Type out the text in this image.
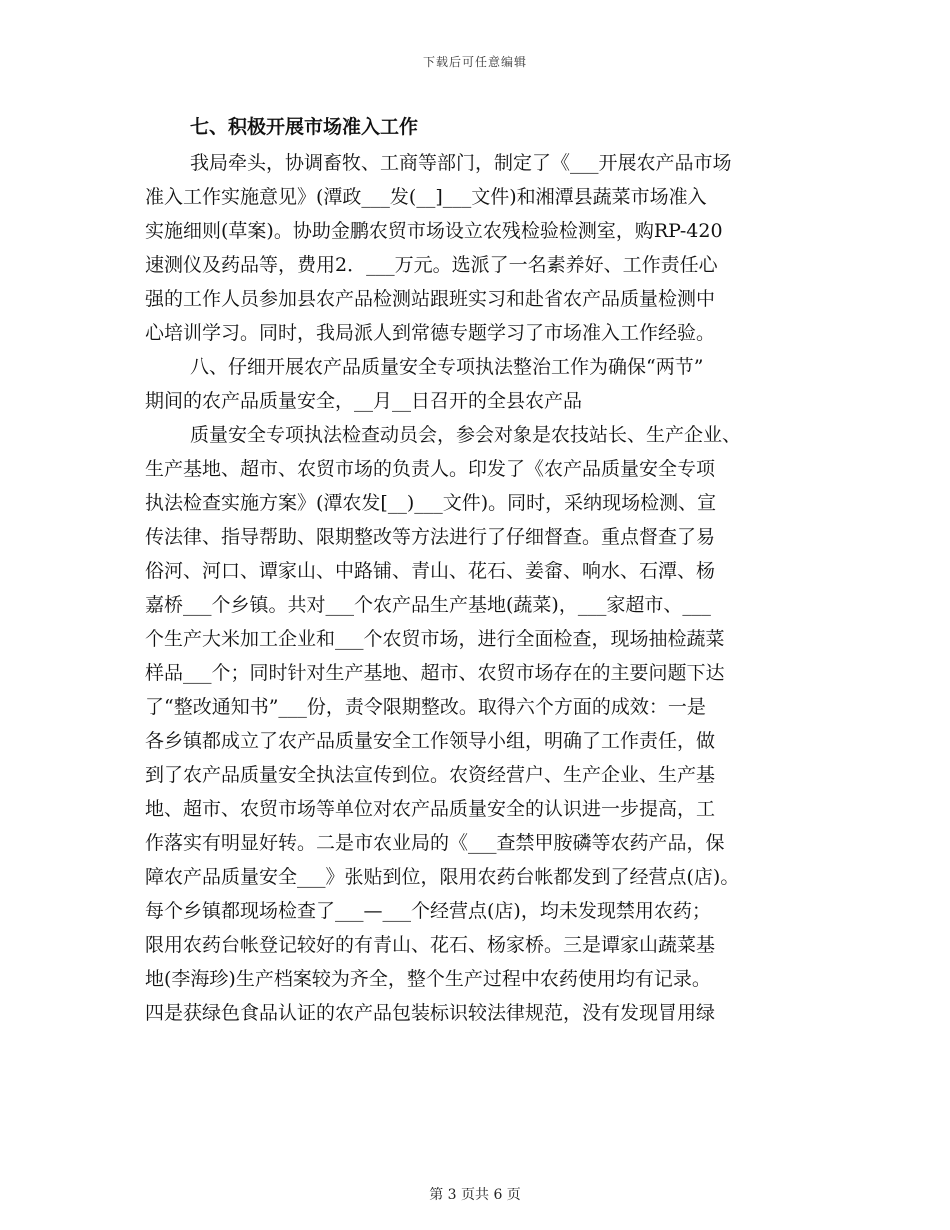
下载后可任意编辑
七、积极开展市场准入工作
我局牵头，协调畜牧、工商等部门，制定了《___开展农产品市场
准入工作实施意见》(潭政___发(__]___文件)和湘潭县蔬菜市场准入
实施细则(草案)。协助金鹏农贸市场设立农残检验检测室，购RP-420
速测仪及药品等，费用2．___万元。选派了一名素养好、工作责任心
强的工作人员参加县农产品检测站跟班实习和赴省农产品质量检测中
心培训学习。同时，我局派人到常德专题学习了市场准入工作经验。
八、仔细开展农产品质量安全专项执法整治工作为确保“两节”
期间的农产品质量安全，__月__日召开的全县农产品
质量安全专项执法检查动员会，参会对象是农技站长、生产企业、
生产基地、超市、农贸市场的负责人。印发了《农产品质量安全专项
执法检查实施方案》(潭农发[__)___文件)。同时，采纳现场检测、宣
传法律、指导帮助、限期整改等方法进行了仔细督查。重点督查了易
俗河、河口、谭家山、中路铺、青山、花石、姜畲、响水、石潭、杨
嘉桥___个乡镇。共对___个农产品生产基地(蔬菜)，___家超市、___
个生产大米加工企业和___个农贸市场，进行全面检查，现场抽检蔬菜
样品___个；同时针对生产基地、超市、农贸市场存在的主要问题下达
了“整改通知书”___份，责令限期整改。取得六个方面的成效：一是
各乡镇都成立了农产品质量安全工作领导小组，明确了工作责任，做
到了农产品质量安全执法宣传到位。农资经营户、生产企业、生产基
地、超市、农贸市场等单位对农产品质量安全的认识进一步提高，工
作落实有明显好转。二是市农业局的《___查禁甲胺磷等农药产品，保
障农产品质量安全___》张贴到位，限用农药台帐都发到了经营点(店)。
每个乡镇都现场检查了___—___个经营点(店)，均未发现禁用农药；
限用农药台帐登记较好的有青山、花石、杨家桥。三是谭家山蔬菜基
地(李海珍)生产档案较为齐全，整个生产过程中农药使用均有记录。
四是获绿色食品认证的农产品包装标识较法律规范，没有发现冒用绿
第 3 页共 6 页
